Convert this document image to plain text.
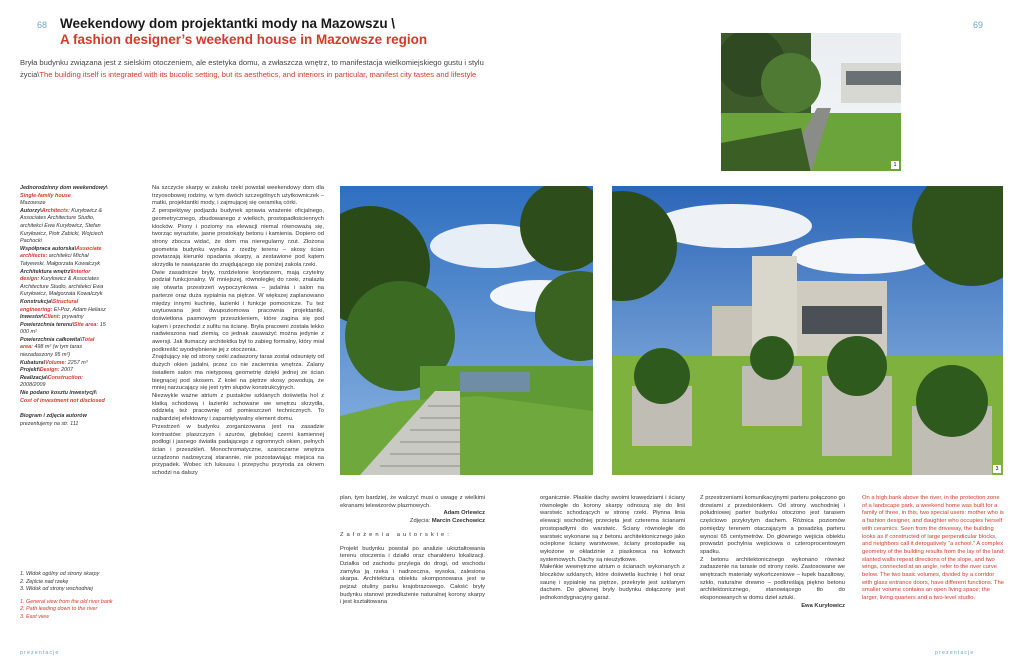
68	69
Weekendowy dom projektantki mody na Mazowszu \
A fashion designer’s weekend house in Mazowsze region
Bryła budynku związana jest z sielskim otoczeniem, ale estetyka domu, a zwłaszcza wnętrz, to manifestacja wielkomiejskiego gustu i stylu życia\The building itself is integrated with its bucolic setting, but its aesthetics, and interiors in particular, manifest city tastes and lifestyle
1
3
Jednorodzinny dom weekendowy\ Single-family house
Mazowsze
Autorzy\Architects: Kuryłowicz & Associates Architecture Studio, architekci Ewa Kuryłowicz, Stefan Kuryłowicz, Piotr Zabicki, Wojciech Pachocki
Współpraca autorska\Associate architects: architekci Michał Tatyewski, Małgorzata Kowalczyk
Architektura wnętrz\Interior design: Kuryłowicz & Associates Architecture Studio, architekci Ewa Kuryłowicz, Małgorzata Kowalczyk
Konstrukcja\Structural engineering: El-Poz, Adam Heliasz
Inwestor\Client: prywatny
Powierzchnia terenu\Site area: 15 000 m²
Powierzchnia całkowita\Total area: 498 m² (w tym taras niezadaszony 95 m²)
Kubatura\Volume: 2257 m³
Projekt\Design: 2007
Realizacja\Construction: 2008/2009
Nie podano kosztu inwestycji\
Cost of investment not disclosed
Biogram i zdjęcia autorów
prezentujemy na str. 111
1. Widok ogólny od strony skarpy
2. Zejście nad rzekę
3. Widok od strony wschodniej
1. General view from the old river bank
2. Path leading down to the river
3. East view

Na szczycie skarpy w zakolu rzeki powstał weekendowy dom dla trzyosobowej rodziny, w tym dwóch szczególnych użytkowniczek – matki, projektantki mody, i zajmującej się ceramiką córki.

Z perspektywy podjazdu budynek sprawia wrażenie oficjalnego, geometrycznego, zbudowanego z wielkich, prostopadłościennych klocków. Piony i poziomy na elewacji niemal równoważą się, tworząc wyraziste, jasne prostokąty betonu i kamienia. Dopiero od strony zbocza widać, że dom ma nieregularny rzut. Złożona geometria budynku wynika z rzeźby terenu – skosy ścian powtarzają kierunki opadania skarpy, a zestawione pod kątem skrzydła te nawiązanie do znajdującego się poniżej zakola rzeki.

Dwie zasadnicze bryły, rozdzielone korytarzem, mają czytelny podział funkcjonalny. W mniejszej, równoległej do rzeki, znalazła się otwarta przestrzeń wypoczynkowa – jadalnia i salon na parterze oraz duża sypialnia na piętrze. W większej zaplanowano między innymi kuchnię, łazienki i funkcje pomocnicze. Tu też usytuowana jest dwupoziomowa pracownia projektantki, doświetlona pasmowym przeszkleniem, które zagina się pod kątem i przechodzi z sufitu na ścianę. Bryła pracowni została lekko nadwieszona nad ziemią, co jednak zauważyć można jedynie z awersji. Jak tłumaczy architektka był to zabieg formalny, który miał podkreślić wyodrębnienie jej z otoczenia.

Znajdujący się od strony rzeki zadaszony taras został odsunięty od dużych okien jadalni, przez co nie zaciemnia wnętrza. Zalany światłem salon ma nietypową geometrię dzięki jednej ze ścian biegnącej pod skosem. Z kolei na piętrze skosy powodują, że mniej narzucający się jest rytm słupów konstrukcyjnych.

Niezwykle ważne atrium z pustaków szklanych doświetla hol z klatką schodową i łazienki schowane we wnętrzu skrzydła, oddzielą też pracownię od pomieszczeń technicznych. To najbardziej efektowny i zapamiętywalny element domu.

Przestrzeń w budynku zorganizowana jest na zasadzie kontrastów: plaszczyzn i azurów, głębokiej czerni kamiennej podłogi i jasnego światła padającego z ogromnych okien, pełnych ścian i przeszkleń. Monochromatyczne, szaroczarne wnętrza urządzono nadzwyczaj starannie, nie pozostawiając miejsca na przypadek. Wobec ich luksusu i przepychu przyroda za oknem schodzi na dalszy

plan, tym bardziej, że walczyć musi o uwagę z wielkimi ekranami telewizorów plazmowych.

Adam Orlewicz

Zdjęcia: Marcin Czechowicz

Założenia autorskie:

Projekt budynku powstał po analizie ukształtowania terenu otoczenia i działki oraz charakteru lokalizacji. Działka od zachodu przylega do drogi, od wschodu zamyka ją rzeka i nadrzeczna, wysoka, zalesiona skarpa. Architektura obiektu skomponowana jest w pejzaż otuliny parku krajobrazowego. Całość bryły budynku stanowi przedłużenie naturalnej korony skarpy i jest kształtowana

organicznie. Płaskie dachy swoimi krawędziami i ściany równoległe do korony skarpy odnoszą się do linii warstwic schodzących w stronę rzeki. Płynna linia elewacji wschodniej przecięta jest czterema ścianami prostopadłymi do warstwic. Ściany równoległe do warstwic wykonane są z betonu architektonicznego jako ocieplone ściany warstwowe, ściany prostopadłe są wyłożone w okładzinie z piaskowca na kotwach systemowych. Dachy są nieużytkowe.

Małeńkie wewnętrzne atrium o ścianach wykonanych z bloczków szklanych, które doświetla kuchnię i hol oraz saunę i sypialnię na piętrze, przekryte jest szklanym dachem. Do głównej bryły budynku dołączony jest jednokondygnacyjny garaż.

Z przestrzeniami komunikacyjnymi parteru połączono go drzwiami z przedsionkiem. Od strony wschodniej i południowej parter budynku otoczono jest tarasem częściowo przykrytym dachem. Różnica poziomów pomiędzy terenem otaczającym a posadzką parteru wynosi 65 centymetrów. Do głównego wejścia obiektu prowadzi pochylnia wejściowa o czteroprocentowym spadku.

Z betonu architektonicznego wykonano również zadaszenie na tarasie od strony rzeki. Zastosowane we wnętrzach materiały wykończeniowe – łupek bazaltowy, szkło, naturalne drewno – podkreślają piękno betonu architektonicznego, stanowiącego tło do eksponowanych w domu dzieł sztuki.

Ewa Kuryłowicz

On a high bank above the river, in the protection zone of a landscape park, a weekend home was built for a family of three, in this, two special users: mother who is a fashion designer, and daughter who occupies herself with ceramics. Seen from the driveway, the building looks as if constructed of large perpendicular blocks, and neighbors call it derogatively “a school.” A complex geometry of the building results from the lay of the land; slanted walls repeat directions of the slope, and two wings, connected at an angle, refer to the river curve below. The two basic volumes, divided by a corridor with glass entrance doors, have different functions. The smaller volume contains an open living space; the larger, living quarters and a two-level studio.
prezentacje	prezentacje
